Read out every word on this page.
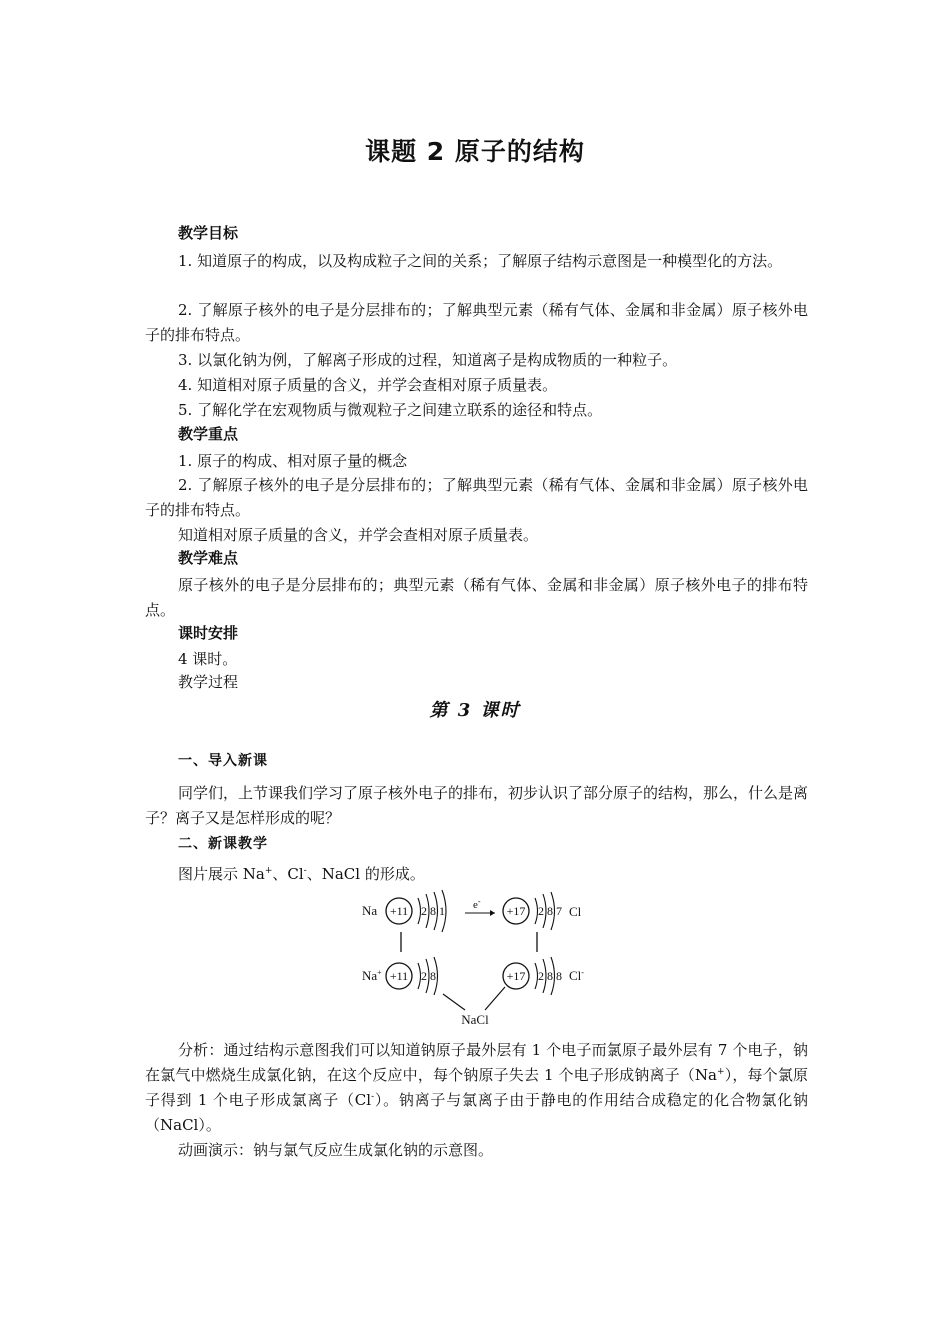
课题 2 原子的结构
教学目标

1. 知道原子的构成，以及构成粒子之间的关系；了解原子结构示意图是一种模型化的方法。

2. 了解原子核外的电子是分层排布的；了解典型元素（稀有气体、金属和非金属）原子核外电子的排布特点。

3. 以氯化钠为例，了解离子形成的过程，知道离子是构成物质的一种粒子。

4. 知道相对原子质量的含义，并学会查相对原子质量表。

5. 了解化学在宏观物质与微观粒子之间建立联系的途径和特点。

教学重点

1. 原子的构成、相对原子量的概念

2. 了解原子核外的电子是分层排布的；了解典型元素（稀有气体、金属和非金属）原子核外电子的排布特点。

知道相对原子质量的含义，并学会查相对原子质量表。

教学难点

原子核外的电子是分层排布的；典型元素（稀有气体、金属和非金属）原子核外电子的排布特点。

课时安排
4 课时。
教学过程
第 3 课时
一、导入新课

同学们，上节课我们学习了原子核外电子的排布，初步认识了部分原子的结构，那么，什么是离子？离子又是怎样形成的呢？

二、新课教学
图片展示 Na+、Cl-、NaCl 的形成。
Na +11 2 8 1	e-
+17 2 8 7 Cl
Na+ +11 2 8	+17 2 8 8 Cl-
NaCl

分析：通过结构示意图我们可以知道钠原子最外层有 1 个电子而氯原子最外层有 7 个电子，钠在氯气中燃烧生成氯化钠，在这个反应中，每个钠原子失去 1 个电子形成钠离子（Na+），每个氯原子得到 1 个电子形成氯离子（Cl-）。钠离子与氯离子由于静电的作用结合成稳定的化合物氯化钠（NaCl）。

动画演示：钠与氯气反应生成氯化钠的示意图。
